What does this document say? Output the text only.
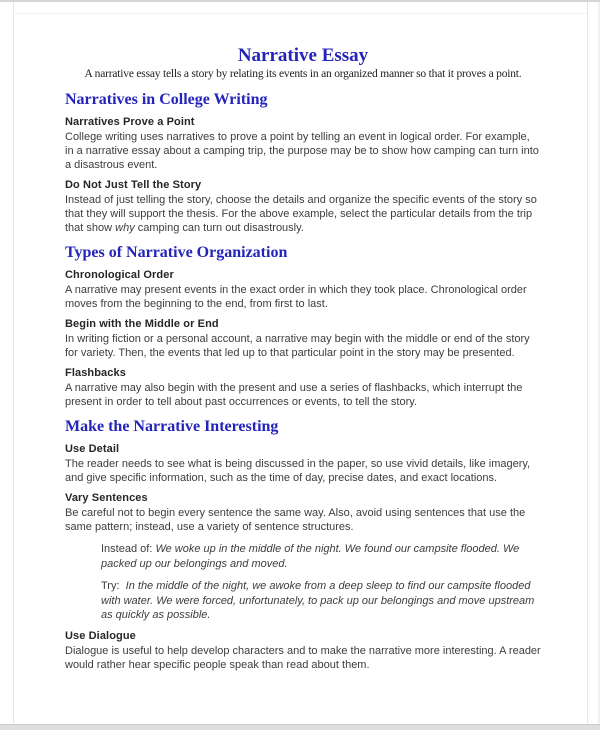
Narrative Essay

A narrative essay tells a story by relating its events in an organized manner so that it proves a point.

Narratives in College Writing
Narratives Prove a Point

College writing uses narratives to prove a point by telling an event in logical order. For example, in a narrative essay about a camping trip, the purpose may be to show how camping can turn into a disastrous event.

Do Not Just Tell the Story

Instead of just telling the story, choose the details and organize the specific events of the story so that they will support the thesis. For the above example, select the particular details from the trip that show why camping can turn out disastrously.

Types of Narrative Organization
Chronological Order

A narrative may present events in the exact order in which they took place. Chronological order moves from the beginning to the end, from first to last.

Begin with the Middle or End

In writing fiction or a personal account, a narrative may begin with the middle or end of the story for variety. Then, the events that led up to that particular point in the story may be presented.

Flashbacks

A narrative may also begin with the present and use a series of flashbacks, which interrupt the present in order to tell about past occurrences or events, to tell the story.

Make the Narrative Interesting
Use Detail

The reader needs to see what is being discussed in the paper, so use vivid details, like imagery, and give specific information, such as the time of day, precise dates, and exact locations.

Vary Sentences

Be careful not to begin every sentence the same way. Also, avoid using sentences that use the same pattern; instead, use a variety of sentence structures.

Instead of: We woke up in the middle of the night. We found our campsite flooded. We packed up our belongings and moved.

Try:  In the middle of the night, we awoke from a deep sleep to find our campsite flooded with water. We were forced, unfortunately, to pack up our belongings and move upstream as quickly as possible.

Use Dialogue

Dialogue is useful to help develop characters and to make the narrative more interesting. A reader would rather hear specific people speak than read about them.
